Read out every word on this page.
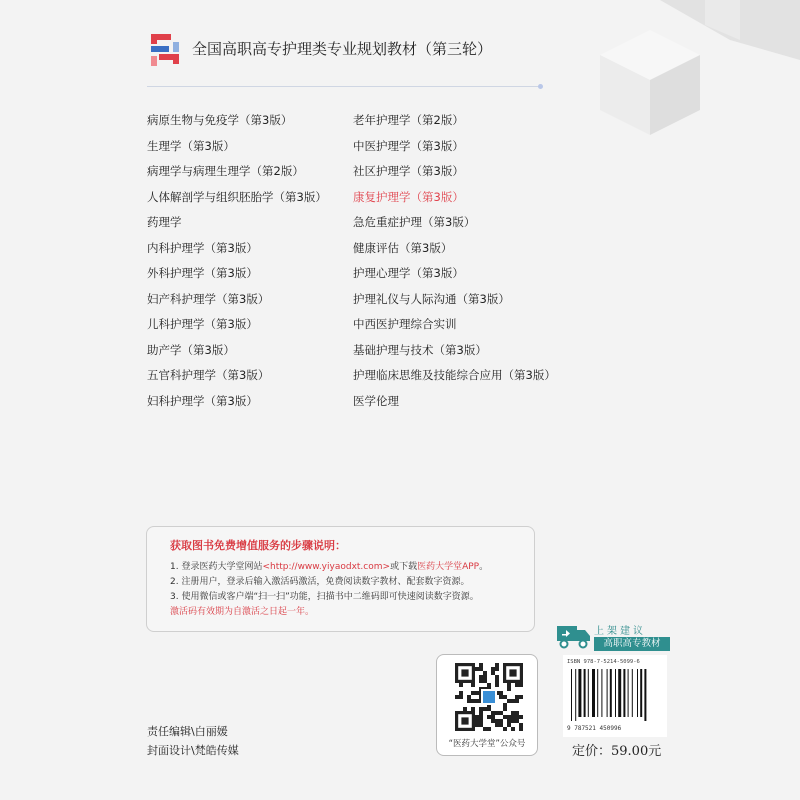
全国高职高专护理类专业规划教材（第三轮）
病原生物与免疫学（第3版）
生理学（第3版）
病理学与病理生理学（第2版）
人体解剖学与组织胚胎学（第3版）
药理学
内科护理学（第3版）
外科护理学（第3版）
妇产科护理学（第3版）
儿科护理学（第3版）
助产学（第3版）
五官科护理学（第3版）
妇科护理学（第3版）
老年护理学（第2版）
中医护理学（第3版）
社区护理学（第3版）
康复护理学（第3版）
急危重症护理（第3版）
健康评估（第3版）
护理心理学（第3版）
护理礼仪与人际沟通（第3版）
中西医护理综合实训
基础护理与技术（第3版）
护理临床思维及技能综合应用（第3版）
医学伦理
获取图书免费增值服务的步骤说明：
1. 登录医药大学堂网站<http://www.yiyaodxt.com>或下载医药大学堂APP。
2. 注册用户，登录后输入激活码激活，免费阅读数字教材、配套数字资源。
3. 使用微信或客户端“扫一扫”功能，扫描书中二维码即可快速阅读数字资源。
激活码有效期为自激活之日起一年。
上架建议
高职高专教材
ISBN 978-7-5214-5099-6
9 787521 450996
定价：59.00元
“医药大学堂”公众号
责任编辑\白丽媛
封面设计\梵皓传媒
